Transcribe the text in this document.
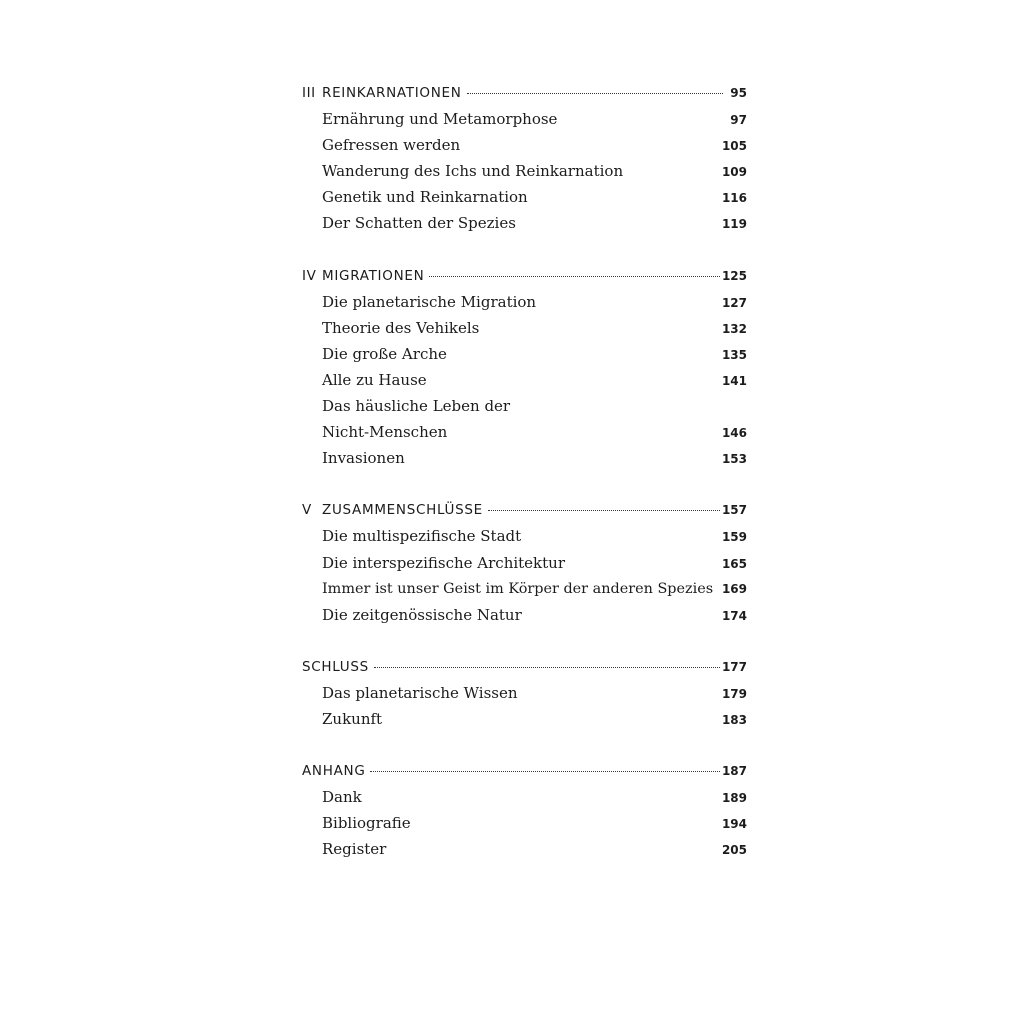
III REINKARNATIONEN	95
Ernährung und Metamorphose	97
Gefressen werden	105
Wanderung des Ichs und Reinkarnation	109
Genetik und Reinkarnation	116
Der Schatten der Spezies	119
IV MIGRATIONEN	125
Die planetarische Migration	127
Theorie des Vehikels	132
Die große Arche	135
Alle zu Hause	141
Das häusliche Leben der
Nicht-Menschen	146
Invasionen	153
V ZUSAMMENSCHLÜSSE	157
Die multispezifische Stadt	159
Die interspezifische Architektur	165
Immer ist unser Geist im Körper der anderen Spezies 169
Die zeitgenössische Natur	174
SCHLUSS	177
Das planetarische Wissen	179
Zukunft	183
ANHANG	187
Dank	189
Bibliografie	194
Register	205
